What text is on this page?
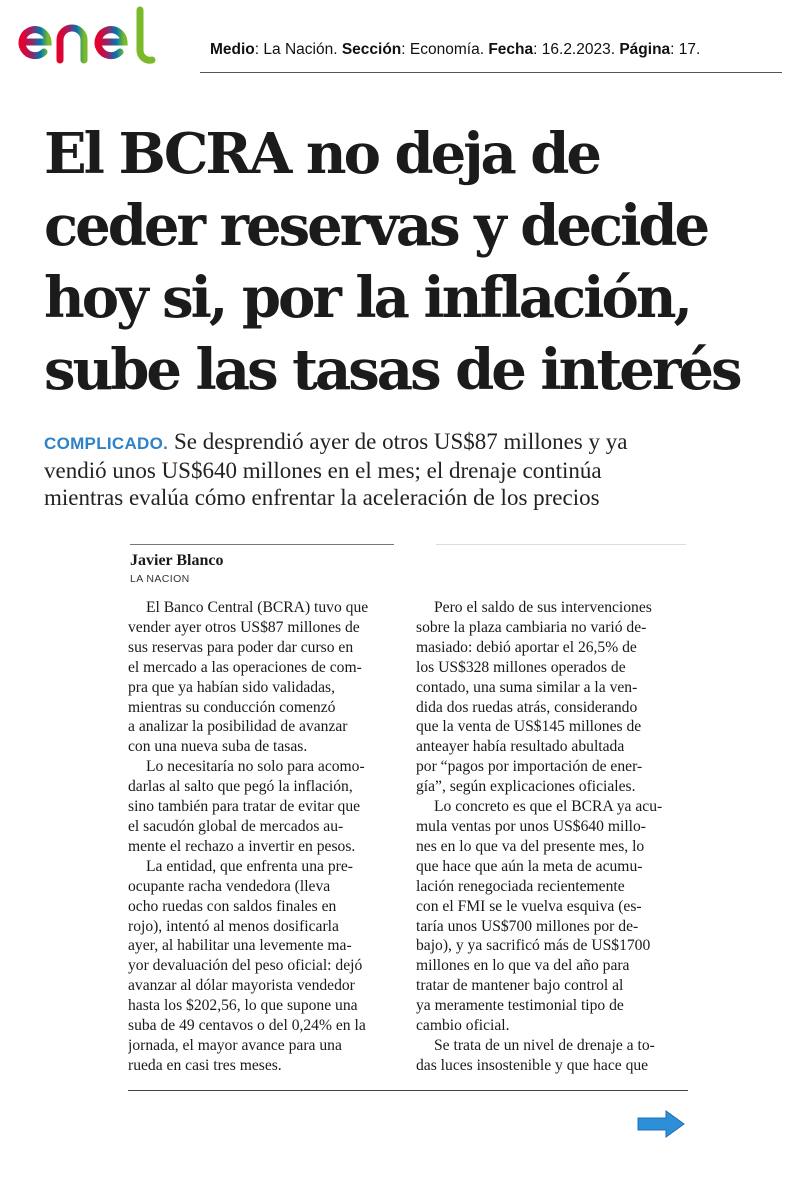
Medio: La Nación. Sección: Economía. Fecha: 16.2.2023. Página: 17.
El BCRA no deja de
ceder reservas y decide
hoy si, por la inflación,
sube las tasas de interés
COMPLICADO. Se desprendió ayer de otros US$87 millones y ya
vendió unos US$640 millones en el mes; el drenaje continúa
mientras evalúa cómo enfrentar la aceleración de los precios
Javier Blanco
LA NACION
El Banco Central (BCRA) tuvo que
vender ayer otros US$87 millones de
sus reservas para poder dar curso en
el mercado a las operaciones de com-
pra que ya habían sido validadas,
mientras su conducción comenzó
a analizar la posibilidad de avanzar
con una nueva suba de tasas.
Lo necesitaría no solo para acomo-
darlas al salto que pegó la inflación,
sino también para tratar de evitar que
el sacudón global de mercados au-
mente el rechazo a invertir en pesos.
La entidad, que enfrenta una pre-
ocupante racha vendedora (lleva
ocho ruedas con saldos finales en
rojo), intentó al menos dosificarla
ayer, al habilitar una levemente ma-
yor devaluación del peso oficial: dejó
avanzar al dólar mayorista vendedor
hasta los $202,56, lo que supone una
suba de 49 centavos o del 0,24% en la
jornada, el mayor avance para una
rueda en casi tres meses.
Pero el saldo de sus intervenciones
sobre la plaza cambiaria no varió de-
masiado: debió aportar el 26,5% de
los US$328 millones operados de
contado, una suma similar a la ven-
dida dos ruedas atrás, considerando
que la venta de US$145 millones de
anteayer había resultado abultada
por “pagos por importación de ener-
gía”, según explicaciones oficiales.
Lo concreto es que el BCRA ya acu-
mula ventas por unos US$640 millo-
nes en lo que va del presente mes, lo
que hace que aún la meta de acumu-
lación renegociada recientemente
con el FMI se le vuelva esquiva (es-
taría unos US$700 millones por de-
bajo), y ya sacrificó más de US$1700
millones en lo que va del año para
tratar de mantener bajo control al
ya meramente testimonial tipo de
cambio oficial.
Se trata de un nivel de drenaje a to-
das luces insostenible y que hace que
